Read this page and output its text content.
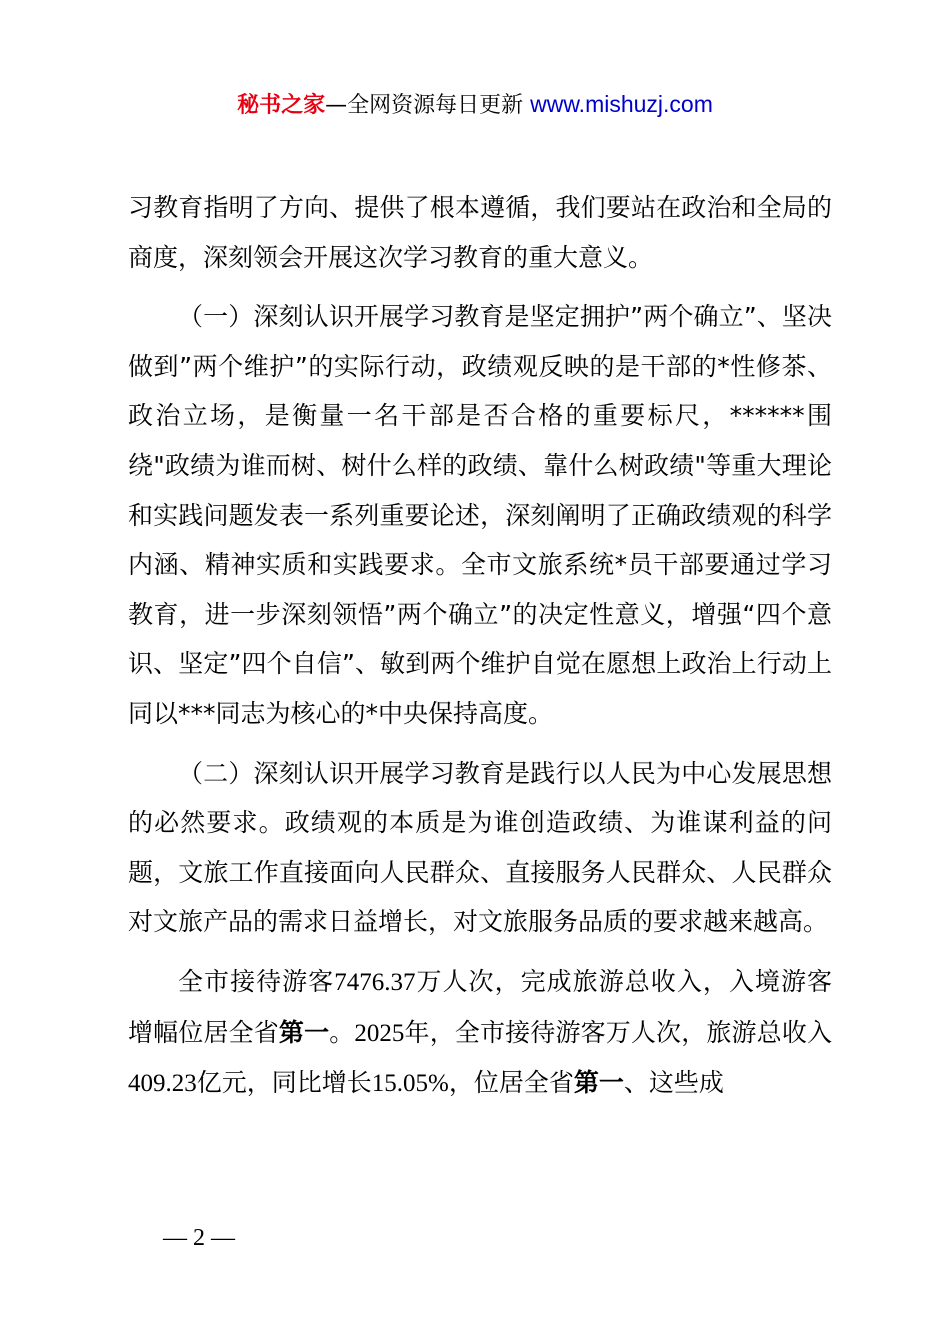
秘书之家—全网资源每日更新 www.mishuzj.com

习教育指明了方向、提供了根本遵循，我们要站在政治和全局的商度，深刻领会开展这次学习教育的重大意义。

（一）深刻认识开展学习教育是坚定拥护”两个确立”、坚决做到”两个维护”的实际行动，政绩观反映的是干部的*性修茶、政治立场，是衡量一名干部是否合格的重要标尺，******围绕"政绩为谁而树、树什么样的政绩、靠什么树政绩"等重大理论和实践问题发表一系列重要论述，深刻阐明了正确政绩观的科学内涵、精神实质和实践要求。全市文旅系统*员干部要通过学习教育，进一步深刻领悟”两个确立”的决定性意义，增强“四个意识、坚定”四个自信”、敏到两个维护自觉在愿想上政治上行动上同以***同志为核心的*中央保持高度。

（二）深刻认识开展学习教育是践行以人民为中心发展思想的必然要求。政绩观的本质是为谁创造政绩、为谁谋利益的问题，文旅工作直接面向人民群众、直接服务人民群众、人民群众对文旅产品的需求日益增长，对文旅服务品质的要求越来越高。

全市接待游客7476.37万人次，完成旅游总收入，入境游客增幅位居全省第一。2025年，全市接待游客万人次，旅游总收入409.23亿元，同比增长15.05%，位居全省第一、这些成

— 2 —
